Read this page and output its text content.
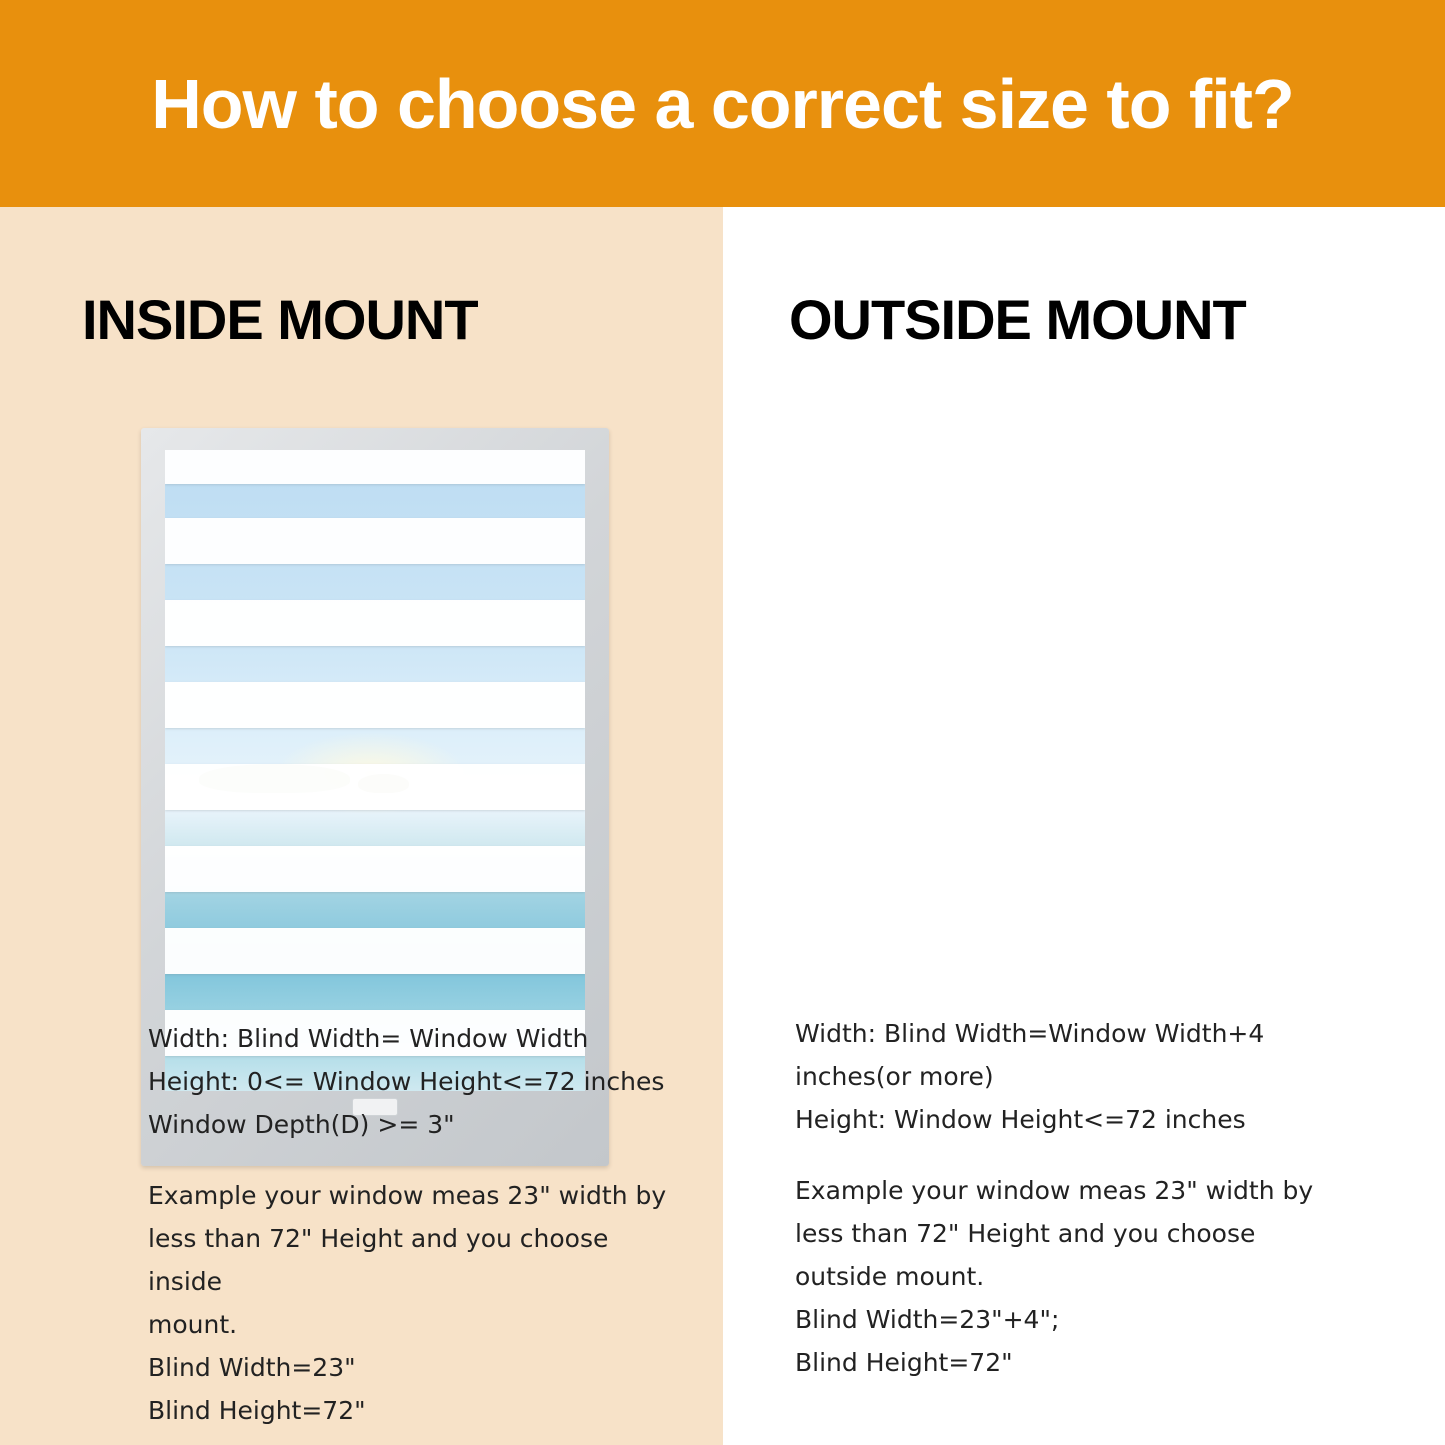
How to choose a correct size to fit?
INSIDE MOUNT

Width: Blind Width= Window Width

Height: 0<= Window Height<=72 inches

Window Depth(D) >= 3"

Example your window meas 23" width by

less than 72" Height and you choose inside

mount.

Blind Width=23"

Blind Height=72"

OUTSIDE MOUNT

Width: Blind Width=Window Width+4

inches(or more)

Height: Window Height<=72 inches

Example your window meas 23" width by

less than 72" Height and you choose

outside mount.

Blind Width=23"+4";

Blind Height=72"
